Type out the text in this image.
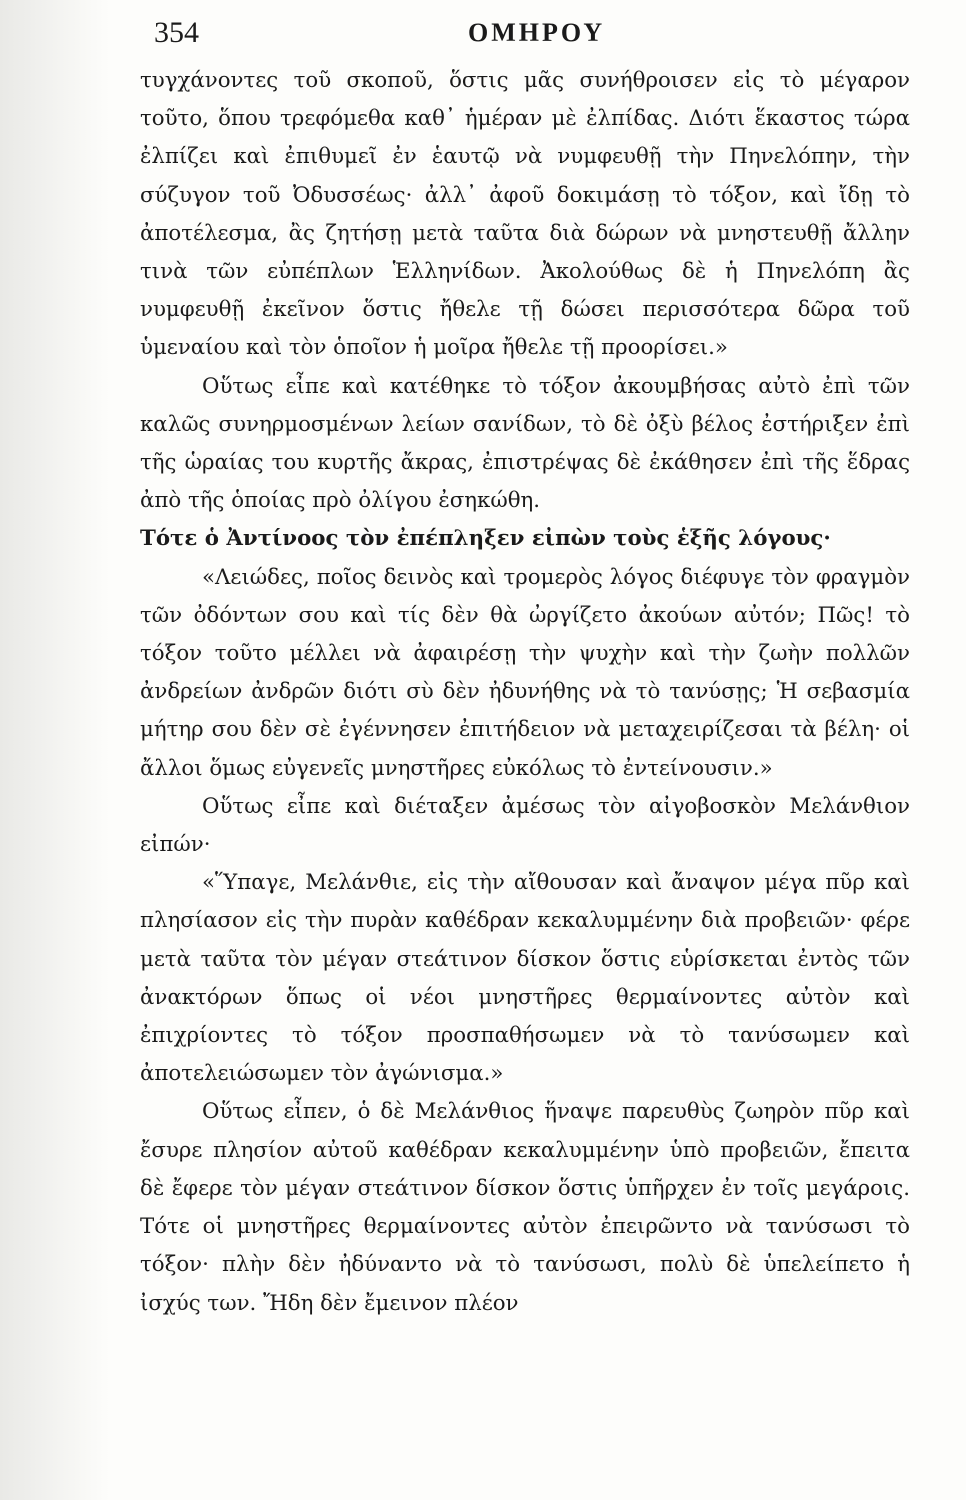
354	ΟΜΗΡΟΥ

τυγχάνοντες τοῦ σκοποῦ, ὅστις μᾶς συνήθροισεν εἰς τὸ μέγαρον τοῦτο, ὅπου τρεφόμεθα καθ᾽ ἡμέραν μὲ ἐλπίδας. Διότι ἕκαστος τώρα ἐλπίζει καὶ ἐπιθυμεῖ ἐν ἑαυτῷ νὰ νυμφευθῇ τὴν Πηνελόπην, τὴν σύζυγον τοῦ Ὀδυσσέως· ἀλλ᾽ ἀφοῦ δοκιμάσῃ τὸ τόξον, καὶ ἴδῃ τὸ ἀποτέλεσμα, ἂς ζητήσῃ μετὰ ταῦτα διὰ δώρων νὰ μνηστευθῇ ἄλλην τινὰ τῶν εὐπέπλων Ἑλληνίδων. Ἀκολούθως δὲ ἡ Πηνελόπη ἂς νυμφευθῇ ἐκεῖνον ὅστις ἤθελε τῇ δώσει περισσότερα δῶρα τοῦ ὑμεναίου καὶ τὸν ὁποῖον ἡ μοῖρα ἤθελε τῇ προορίσει.»

Οὕτως εἶπε καὶ κατέθηκε τὸ τόξον ἀκουμβήσας αὐτὸ ἐπὶ τῶν καλῶς συνηρμοσμένων λείων σανίδων, τὸ δὲ ὀξὺ βέλος ἐστήριξεν ἐπὶ τῆς ὡραίας του κυρτῆς ἄκρας, ἐπιστρέψας δὲ ἐκάθησεν ἐπὶ τῆς ἕδρας ἀπὸ τῆς ὁποίας πρὸ ὀλίγου ἐσηκώθη.

Τότε ὁ Ἀντίνοος τὸν ἐπέπληξεν εἰπὼν τοὺς ἑξῆς λόγους·

«Λειώδες, ποῖος δεινὸς καὶ τρομερὸς λόγος διέφυγε τὸν φραγμὸν τῶν ὀδόντων σου καὶ τίς δὲν θὰ ὠργίζετο ἀκούων αὐτόν; Πῶς! τὸ τόξον τοῦτο μέλλει νὰ ἀφαιρέσῃ τὴν ψυχὴν καὶ τὴν ζωὴν πολλῶν ἀνδρείων ἀνδρῶν διότι σὺ δὲν ἠδυνήθης νὰ τὸ τανύσῃς; Ἡ σεβασμία μήτηρ σου δὲν σὲ ἐγέννησεν ἐπιτήδειον νὰ μεταχειρίζεσαι τὰ βέλη· οἱ ἄλλοι ὅμως εὐγενεῖς μνηστῆρες εὐκόλως τὸ ἐντείνουσιν.»

Οὕτως εἶπε καὶ διέταξεν ἀμέσως τὸν αἰγοβοσκὸν Μελάνθιον εἰπών·

«Ὕπαγε, Μελάνθιε, εἰς τὴν αἴθουσαν καὶ ἄναψον μέγα πῦρ καὶ πλησίασον εἰς τὴν πυρὰν καθέδραν κεκαλυμμένην διὰ προβειῶν· φέρε μετὰ ταῦτα τὸν μέγαν στεάτινον δίσκον ὅστις εὑρίσκεται ἐντὸς τῶν ἀνακτόρων ὅπως οἱ νέοι μνηστῆρες θερμαίνοντες αὐτὸν καὶ ἐπιχρίοντες τὸ τόξον προσπαθήσωμεν νὰ τὸ τανύσωμεν καὶ ἀποτελειώσωμεν τὸν ἀγώνισμα.»

Οὕτως εἶπεν, ὁ δὲ Μελάνθιος ἥναψε παρευθὺς ζωηρὸν πῦρ καὶ ἔσυρε πλησίον αὐτοῦ καθέδραν κεκαλυμμένην ὑπὸ προβειῶν, ἔπειτα δὲ ἔφερε τὸν μέγαν στεάτινον δίσκον ὅστις ὑπῆρχεν ἐν τοῖς μεγάροις. Τότε οἱ μνηστῆρες θερμαίνοντες αὐτὸν ἐπειρῶντο νὰ τανύσωσι τὸ τόξον· πλὴν δὲν ἠδύναντο νὰ τὸ τανύσωσι, πολὺ δὲ ὑπελείπετο ἡ ἰσχύς των. Ἤδη δὲν ἔμεινον πλέον
